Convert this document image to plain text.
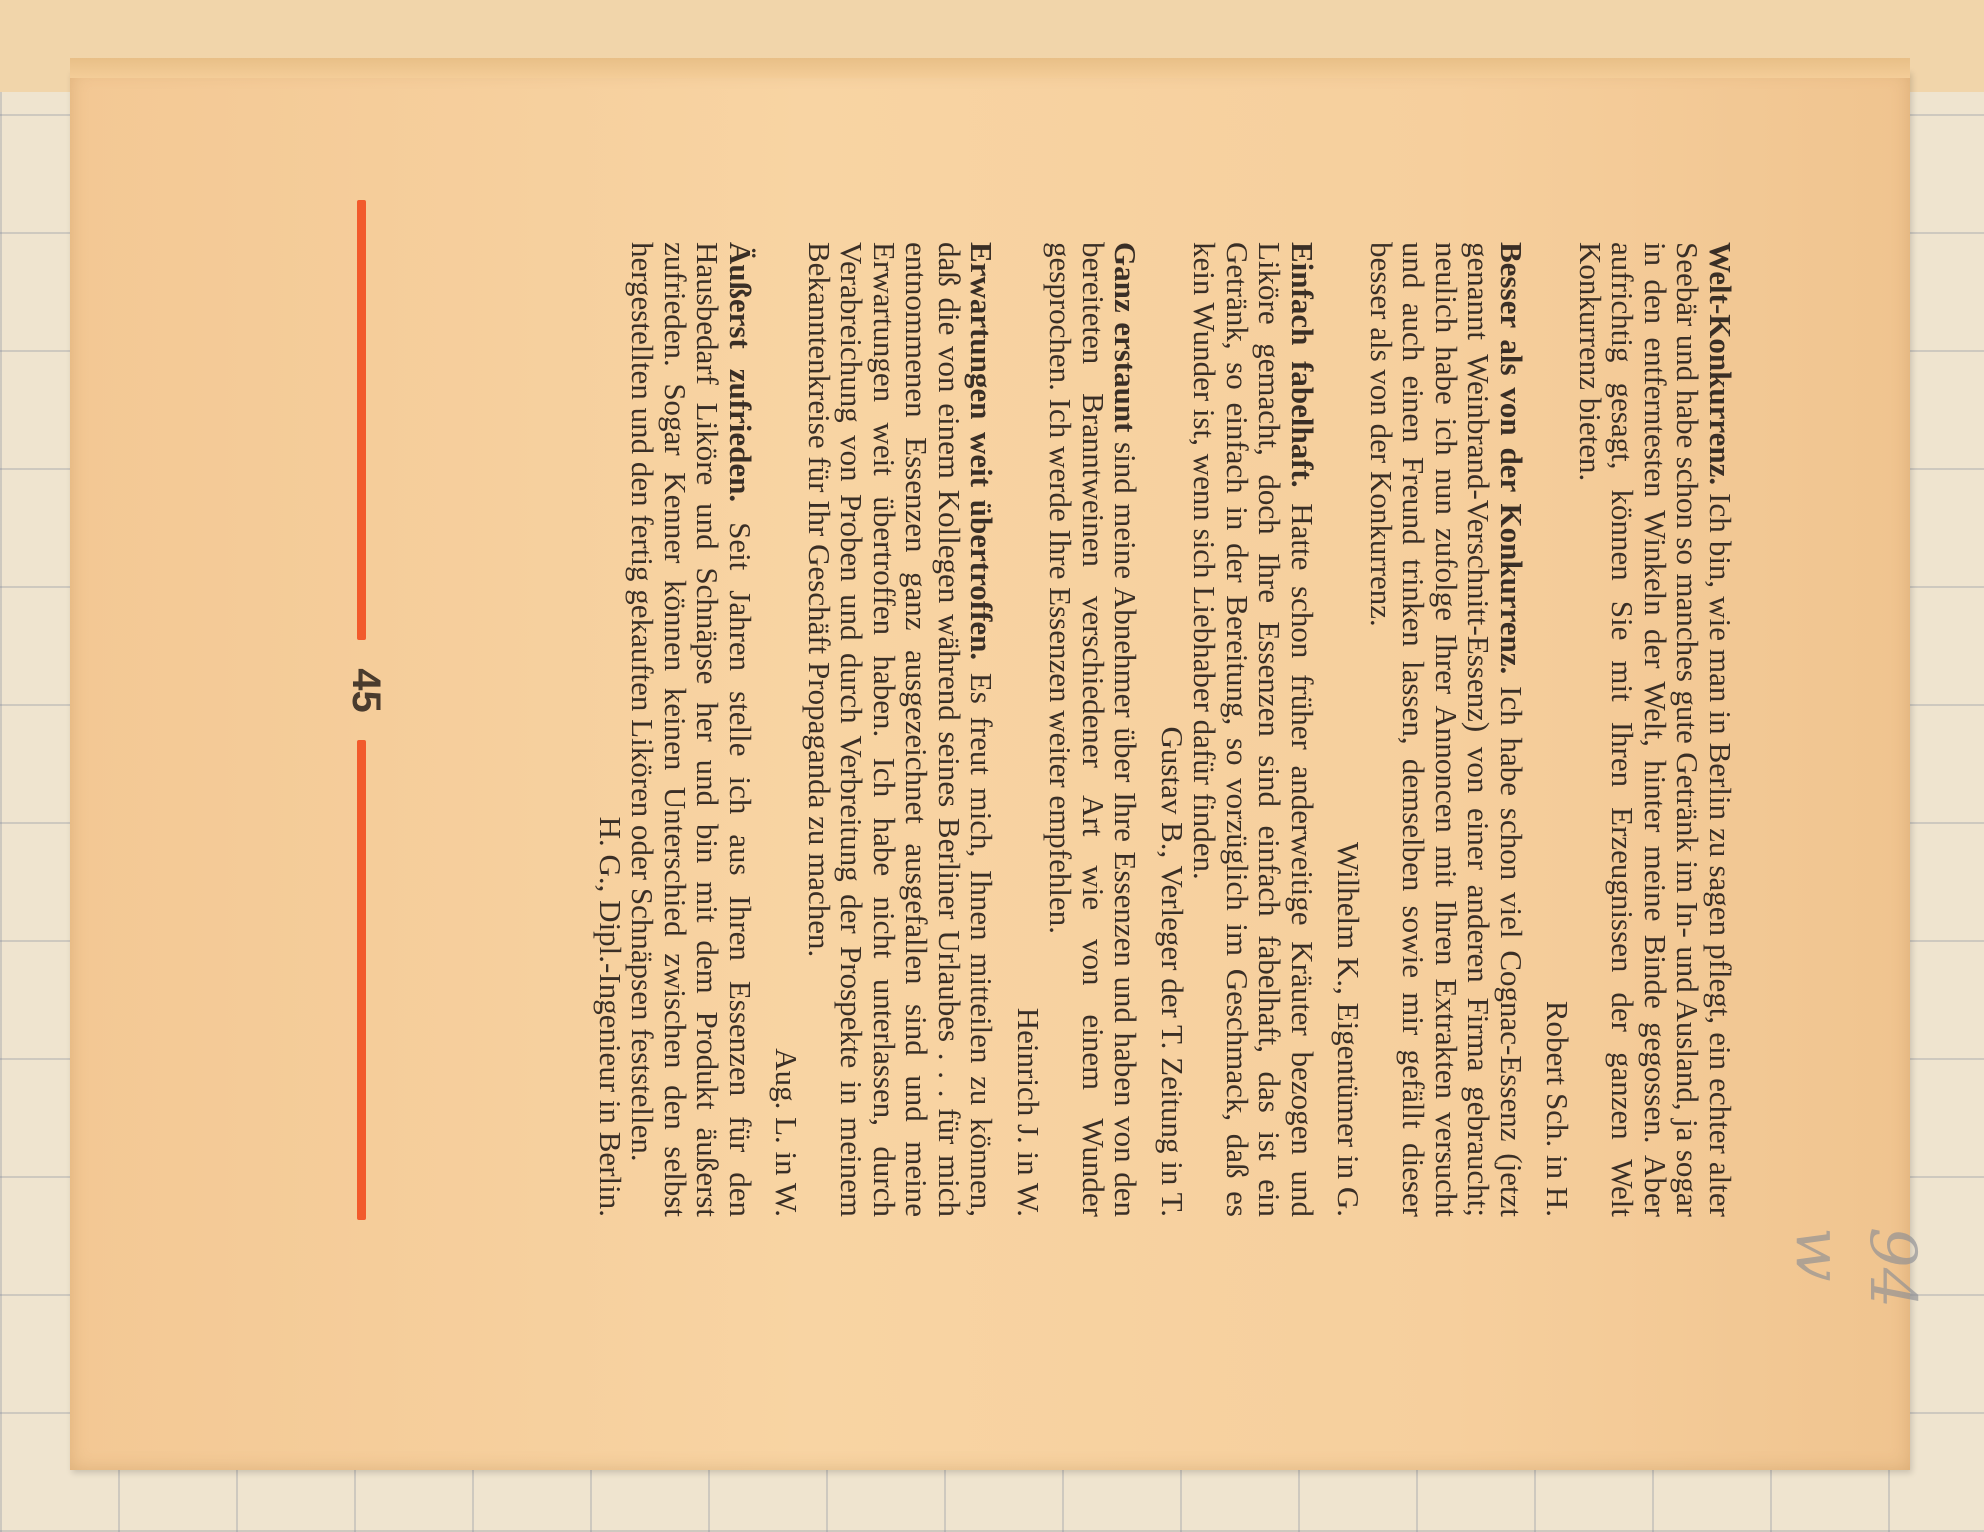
Welt-Konkurrenz. Ich bin, wie man in Berlin zu sagen pflegt, ein echter alter Seebär und habe schon so manches gute Getränk im In- und Ausland, ja sogar in den entferntesten Winkeln der Welt, hinter meine Binde gegossen. Aber aufrichtig gesagt, können Sie mit Ihren Erzeugnissen der ganzen Welt Konkurrenz bieten.

Robert Sch. in H.

Besser als von der Konkurrenz. Ich habe schon viel Cognac-Essenz (jetzt genannt Weinbrand-Verschnitt-Essenz) von einer anderen Firma gebraucht; neulich habe ich nun zufolge Ihrer Annoncen mit Ihren Extrakten versucht und auch einen Freund trinken lassen, demselben sowie mir gefällt dieser besser als von der Konkurrenz.

Wilhelm K., Eigentümer in G.

Einfach fabelhaft. Hatte schon früher anderweitige Kräuter bezogen und Liköre gemacht, doch Ihre Essenzen sind einfach fabelhaft, das ist ein Getränk, so einfach in der Bereitung, so vorzüglich im Geschmack, daß es kein Wunder ist, wenn sich Liebhaber dafür finden.

Gustav B., Verleger der T. Zeitung in T.

Ganz erstaunt sind meine Abnehmer über Ihre Essenzen und haben von den bereiteten Branntweinen verschiedener Art wie von einem Wunder gesprochen. Ich werde Ihre Essenzen weiter empfehlen.

Heinrich J. in W.

Erwartungen weit übertroffen. Es freut mich, Ihnen mitteilen zu können, daß die von einem Kollegen während seines Berliner Urlaubes . . . für mich entnommenen Essenzen ganz ausgezeichnet ausgefallen sind und meine Erwartungen weit übertroffen haben. Ich habe nicht unterlassen, durch Verabreichung von Proben und durch Verbreitung der Prospekte in meinem Bekanntenkreise für Ihr Geschäft Propaganda zu machen.

Aug. L. in W.

Äußerst zufrieden. Seit Jahren stelle ich aus Ihren Essenzen für den Hausbedarf Liköre und Schnäpse her und bin mit dem Produkt äußerst zufrieden. Sogar Kenner können keinen Unterschied zwischen den selbst hergestellten und den fertig gekauften Likören oder Schnäpsen feststellen.

H. G., Dipl.-Ingenieur in Berlin.

45
94 w
